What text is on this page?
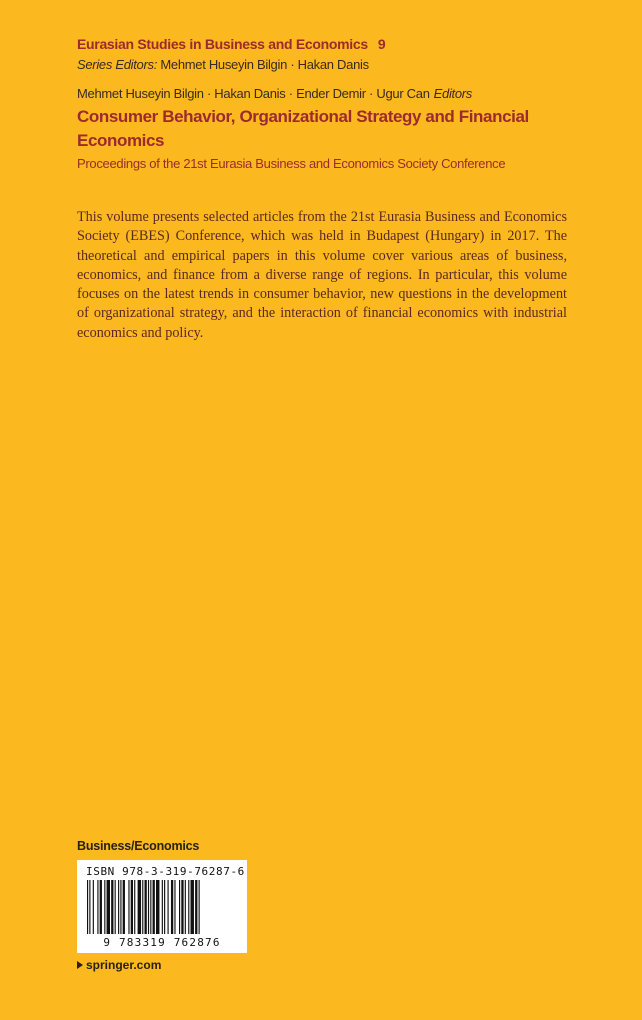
Eurasian Studies in Business and Economics 9
Series Editors: Mehmet Huseyin Bilgin · Hakan Danis
Mehmet Huseyin Bilgin · Hakan Danis · Ender Demir · Ugur Can Editors
Consumer Behavior, Organizational Strategy and Financial Economics
Proceedings of the 21st Eurasia Business and Economics Society Conference
This volume presents selected articles from the 21st Eurasia Business and Economics Society (EBES) Conference, which was held in Budapest (Hungary) in 2017. The theoretical and empirical papers in this volume cover various areas of business, economics, and finance from a diverse range of regions. In particular, this volume focuses on the latest trends in consumer behavior, new questions in the development of organizational strategy, and the interaction of financial economics with industrial economics and policy.
Business/Economics
ISBN 978-3-319-76287-6
9 783319 762876
springer.com
